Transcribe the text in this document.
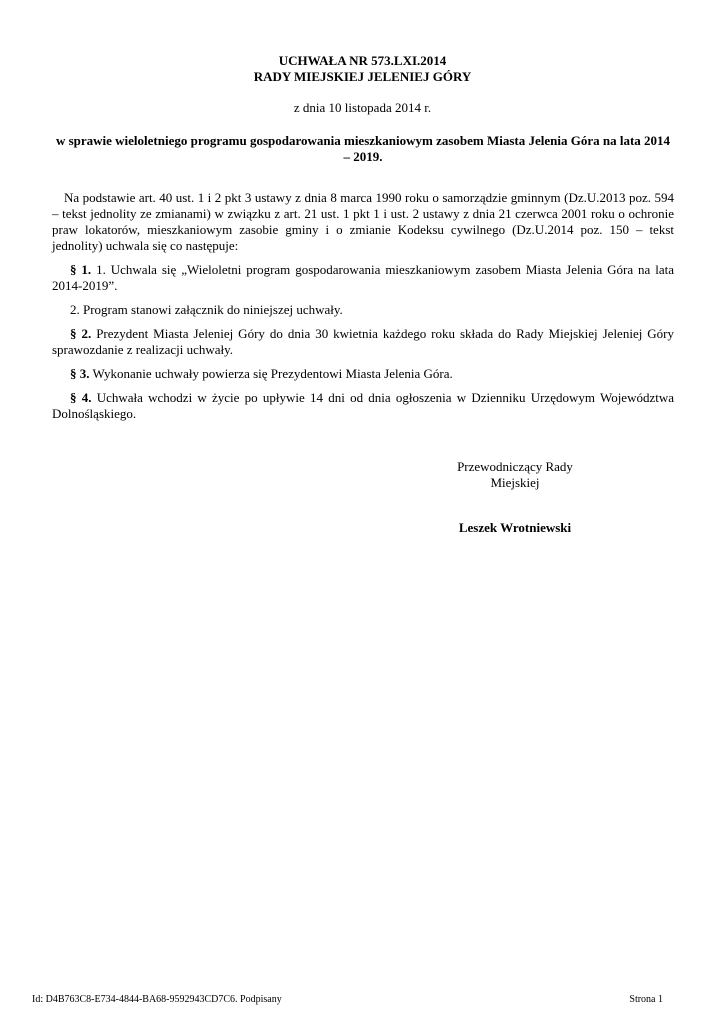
UCHWAŁA NR 573.LXI.2014
RADY MIEJSKIEJ JELENIEJ GÓRY
z dnia 10 listopada 2014 r.
w sprawie wieloletniego programu gospodarowania mieszkaniowym zasobem Miasta Jelenia Góra na lata 2014 – 2019.

Na podstawie art. 40 ust. 1 i 2 pkt 3 ustawy z dnia 8 marca 1990 roku o samorządzie gminnym (Dz.U.2013 poz. 594 – tekst jednolity ze zmianami) w związku z art. 21 ust. 1 pkt 1 i ust. 2 ustawy z dnia 21 czerwca 2001 roku o ochronie praw lokatorów, mieszkaniowym zasobie gminy i o zmianie Kodeksu cywilnego (Dz.U.2014 poz. 150 – tekst jednolity) uchwala się co następuje:

§ 1. 1. Uchwala się „Wieloletni program gospodarowania mieszkaniowym zasobem Miasta Jelenia Góra na lata 2014-2019”.

2. Program stanowi załącznik do niniejszej uchwały.

§ 2. Prezydent Miasta Jeleniej Góry do dnia 30 kwietnia każdego roku składa do Rady Miejskiej Jeleniej Góry sprawozdanie z realizacji uchwały.

§ 3. Wykonanie uchwały powierza się Prezydentowi Miasta Jelenia Góra.

§ 4. Uchwała wchodzi w życie po upływie 14 dni od dnia ogłoszenia w Dzienniku Urzędowym Województwa Dolnośląskiego.

Przewodniczący Rady
Miejskiej
Leszek Wrotniewski
Id: D4B763C8-E734-4844-BA68-9592943CD7C6. Podpisany	Strona 1
